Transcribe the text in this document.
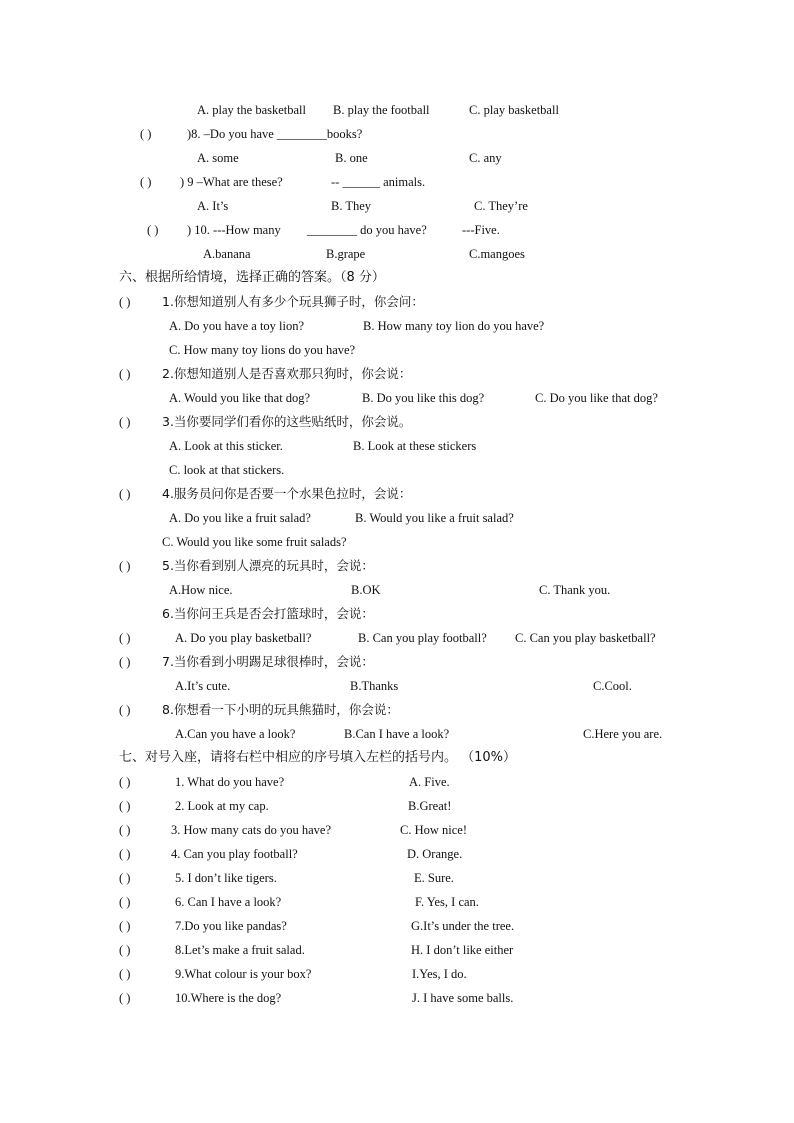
A. play the basketball B. play the football	C. play basketball
( )	)8. –Do you have ________books?
A. some	B. one	C. any
( ) ) 9 –What are these?	-- ______ animals.
A. It’s	B. They	C. They’re
( ) ) 10. ---How many ________ do you have?	---Five.
A.banana	B.grape	C.mangoes
六、根据所给情境，选择正确的答案。（8 分）
( )	1.你想知道别人有多少个玩具狮子时，你会问：
A. Do you have a toy lion?	B. How many toy lion do you have?
C. How many toy lions do you have?
( )	2.你想知道别人是否喜欢那只狗时，你会说：
A. Would you like that dog?	B. Do you like this dog?	C. Do you like that dog?
( )	3.当你要同学们看你的这些贴纸时，你会说。
A. Look at this sticker.	B. Look at these stickers
C. look at that stickers.
( )	4.服务员问你是否要一个水果色拉时，会说：
A. Do you like a fruit salad?	B. Would you like a fruit salad?
C. Would you like some fruit salads?
( )	5.当你看到别人漂亮的玩具时，会说：
A.How nice.	B.OK	C. Thank you.
( )
6.当你问王兵是否会打篮球时，会说：
A. Do you play basketball?	B. Can you play football? C. Can you play basketball?
( )	7.当你看到小明踢足球很棒时，会说：
A.It’s cute.	B.Thanks	C.Cool.
( )	8.你想看一下小明的玩具熊猫时，你会说：
A.Can you have a look?	B.Can I have a look?	C.Here you are.
七、对号入座，请将右栏中相应的序号填入左栏的括号内。 （10%）
( )	1. What do you have?	A. Five.
( )	2. Look at my cap.	B.Great!
( )	3. How many cats do you have?	C. How nice!
( )	4. Can you play football?	D. Orange.
( )	5. I don’t like tigers.	E. Sure.
( )	6. Can I have a look?	F. Yes, I can.
( )	7.Do you like pandas?	G.It’s under the tree.
( )	8.Let’s make a fruit salad.	H. I don’t like either
( )	9.What colour is your box?	I.Yes, I do.
( )	10.Where is the dog?	J. I have some balls.
